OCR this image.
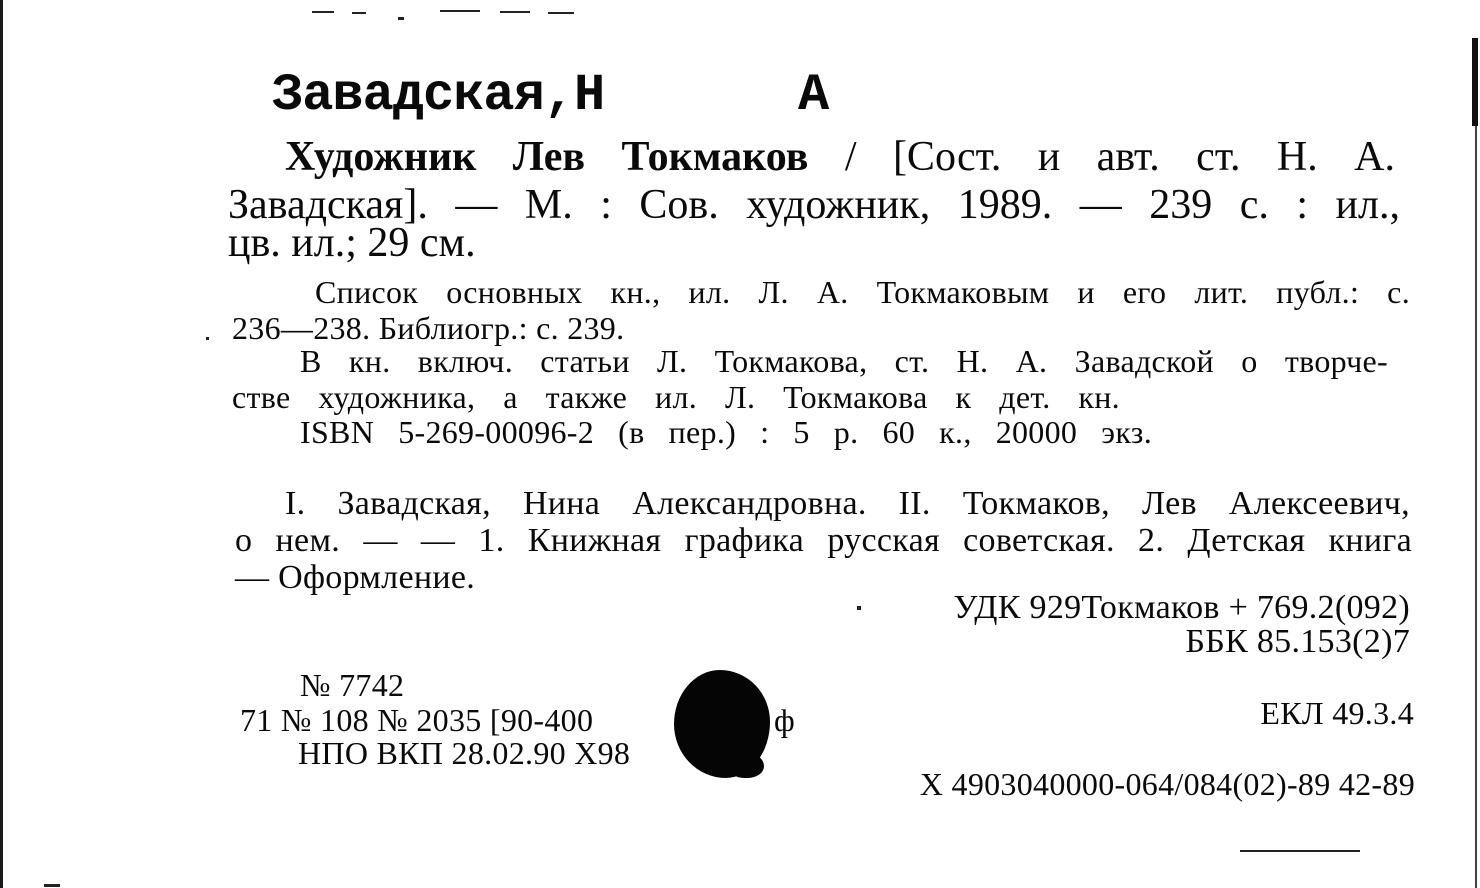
Завадская,Н	А
Художник Лев Токмаков / [Сост. и авт. ст. Н. А.
Завадская]. — М. : Сов. художник, 1989. — 239 с. : ил.,
цв. ил.; 29 см.
Список основных кн., ил. Л. А. Токмаковым и его лит. публ.: с.
236—238. Библиогр.: с. 239.
В кн. включ. статьи Л. Токмакова, ст. Н. А. Завадской о творче-
стве художника, а также ил. Л. Токмакова к дет. кн.
ISBN 5-269-00096-2 (в пер.) : 5 р. 60 к., 20000 экз.
I. Завадская, Нина Александровна. II. Токмаков, Лев Алексеевич,
о нем. — — 1. Книжная графика русская советская. 2. Детская книга
— Оформление.
УДК 929Токмаков + 769.2(092)
ББК 85.153(2)7
ЕКЛ 49.3.4
№ 7742
71 № 108 № 2035 [90-400	ф
НПО ВКП 28.02.90 Х98
Х 4903040000-064/084(02)-89 42-89
